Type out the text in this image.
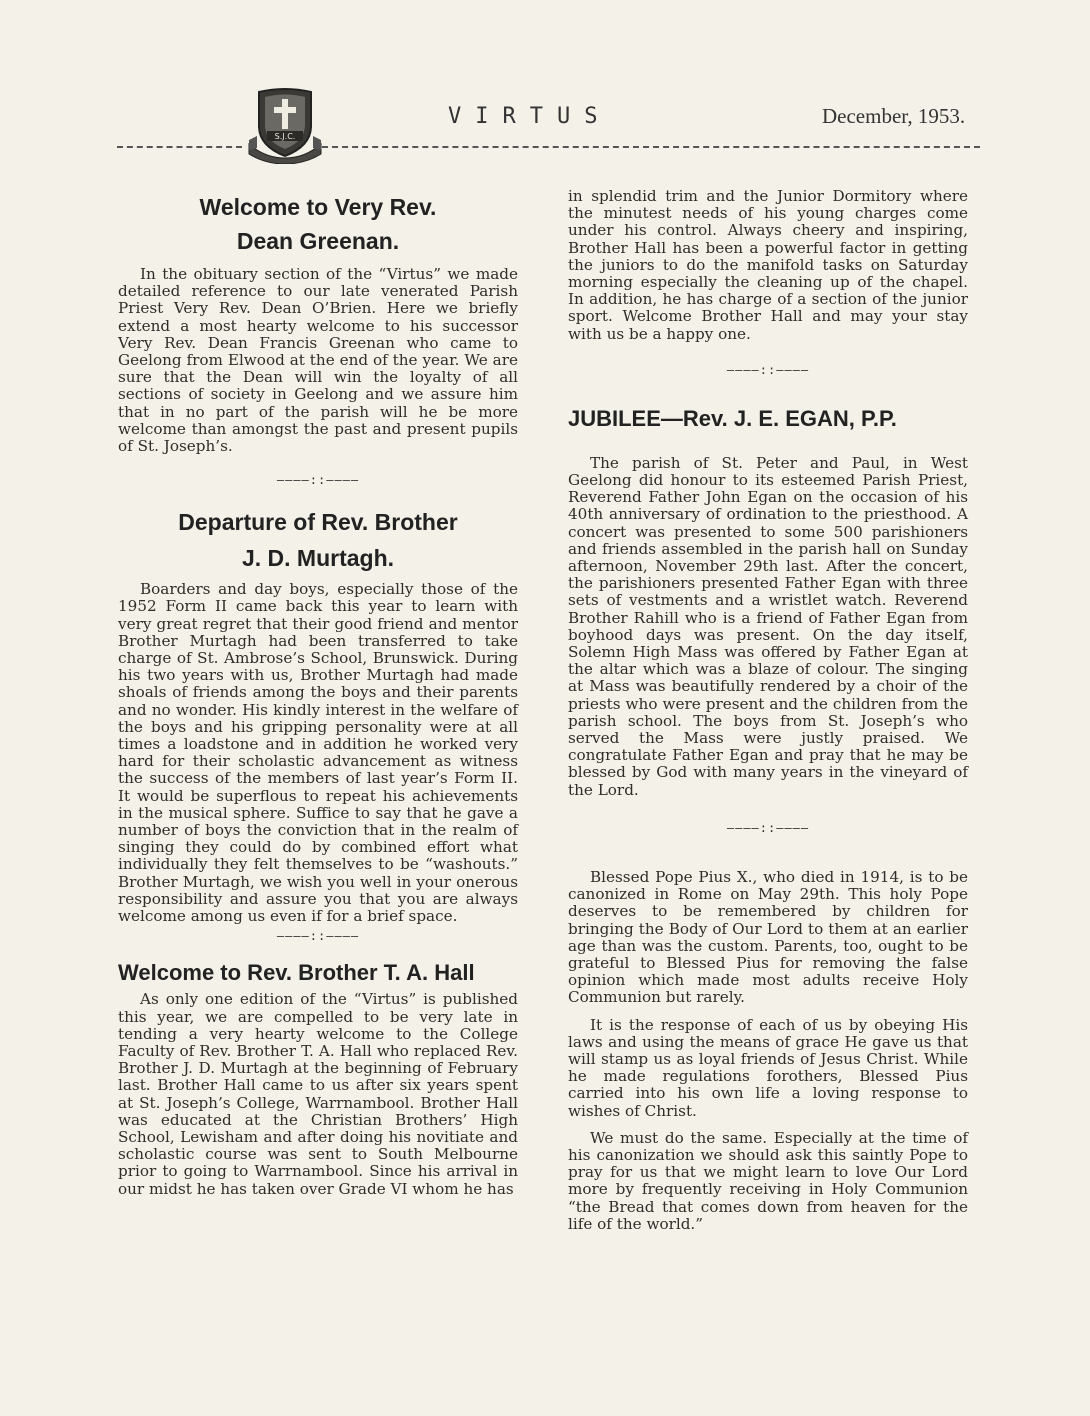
S.J.C.
VIRTUS	December, 1953.
Welcome to Very Rev.
Dean Greenan.

In the obituary section of the “Virtus” we made detailed reference to our late venerated Parish Priest Very Rev. Dean O’Brien. Here we briefly extend a most hearty welcome to his successor Very Rev. Dean Francis Greenan who came to Geelong from Elwood at the end of the year. We are sure that the Dean will win the loyalty of all sections of society in Geelong and we assure him that in no part of the parish will he be more welcome than amongst the past and present pupils of St. Joseph’s.

————::————
Departure of Rev. Brother
J. D. Murtagh.

Boarders and day boys, especially those of the 1952 Form II came back this year to learn with very great regret that their good friend and mentor Brother Murtagh had been transferred to take charge of St. Ambrose’s School, Brunswick. During his two years with us, Brother Murtagh had made shoals of friends among the boys and their parents and no wonder. His kindly interest in the welfare of the boys and his gripping personality were at all times a loadstone and in addition he worked very hard for their scholastic advancement as witness the success of the members of last year’s Form II. It would be superflous to repeat his achievements in the musical sphere. Suffice to say that he gave a number of boys the conviction that in the realm of singing they could do by combined effort what individually they felt themselves to be “washouts.” Brother Murtagh, we wish you well in your onerous responsibility and assure you that you are always welcome among us even if for a brief space.

————::————
Welcome to Rev. Brother T. A. Hall

As only one edition of the “Virtus” is published this year, we are compelled to be very late in tending a very hearty welcome to the College Faculty of Rev. Brother T. A. Hall who replaced Rev. Brother J. D. Murtagh at the beginning of February last. Brother Hall came to us after six years spent at St. Joseph’s College, Warrnambool. Brother Hall was educated at the Christian Brothers’ High School, Lewisham and after doing his novitiate and scholastic course was sent to South Melbourne prior to going to Warrnambool. Since his arrival in our midst he has taken over Grade VI whom he has

in splendid trim and the Junior Dormitory where the minutest needs of his young charges come under his control. Always cheery and inspiring, Brother Hall has been a powerful factor in getting the juniors to do the manifold tasks on Saturday morning especially the cleaning up of the chapel. In addition, he has charge of a section of the junior sport. Welcome Brother Hall and may your stay with us be a happy one.

————::————
JUBILEE—Rev. J. E. EGAN, P.P.

The parish of St. Peter and Paul, in West Geelong did honour to its esteemed Parish Priest, Reverend Father John Egan on the occasion of his 40th anniversary of ordination to the priesthood. A concert was presented to some 500 parishioners and friends assembled in the parish hall on Sunday afternoon, November 29th last. After the concert, the parishioners presented Father Egan with three sets of vestments and a wristlet watch. Reverend Brother Rahill who is a friend of Father Egan from boyhood days was present. On the day itself, Solemn High Mass was offered by Father Egan at the altar which was a blaze of colour. The singing at Mass was beautifully rendered by a choir of the priests who were present and the children from the parish school. The boys from St. Joseph’s who served the Mass were justly praised. We congratulate Father Egan and pray that he may be blessed by God with many years in the vineyard of the Lord.

————::————

Blessed Pope Pius X., who died in 1914, is to be canonized in Rome on May 29th. This holy Pope deserves to be remembered by children for bringing the Body of Our Lord to them at an earlier age than was the custom. Parents, too, ought to be grateful to Blessed Pius for removing the false opinion which made most adults receive Holy Communion but rarely.

It is the response of each of us by obeying His laws and using the means of grace He gave us that will stamp us as loyal friends of Jesus Christ. While he made regulations forothers, Blessed Pius carried into his own life a loving response to wishes of Christ.

We must do the same. Especially at the time of his canonization we should ask this saintly Pope to pray for us that we might learn to love Our Lord more by frequently receiving in Holy Communion “the Bread that comes down from heaven for the life of the world.”
